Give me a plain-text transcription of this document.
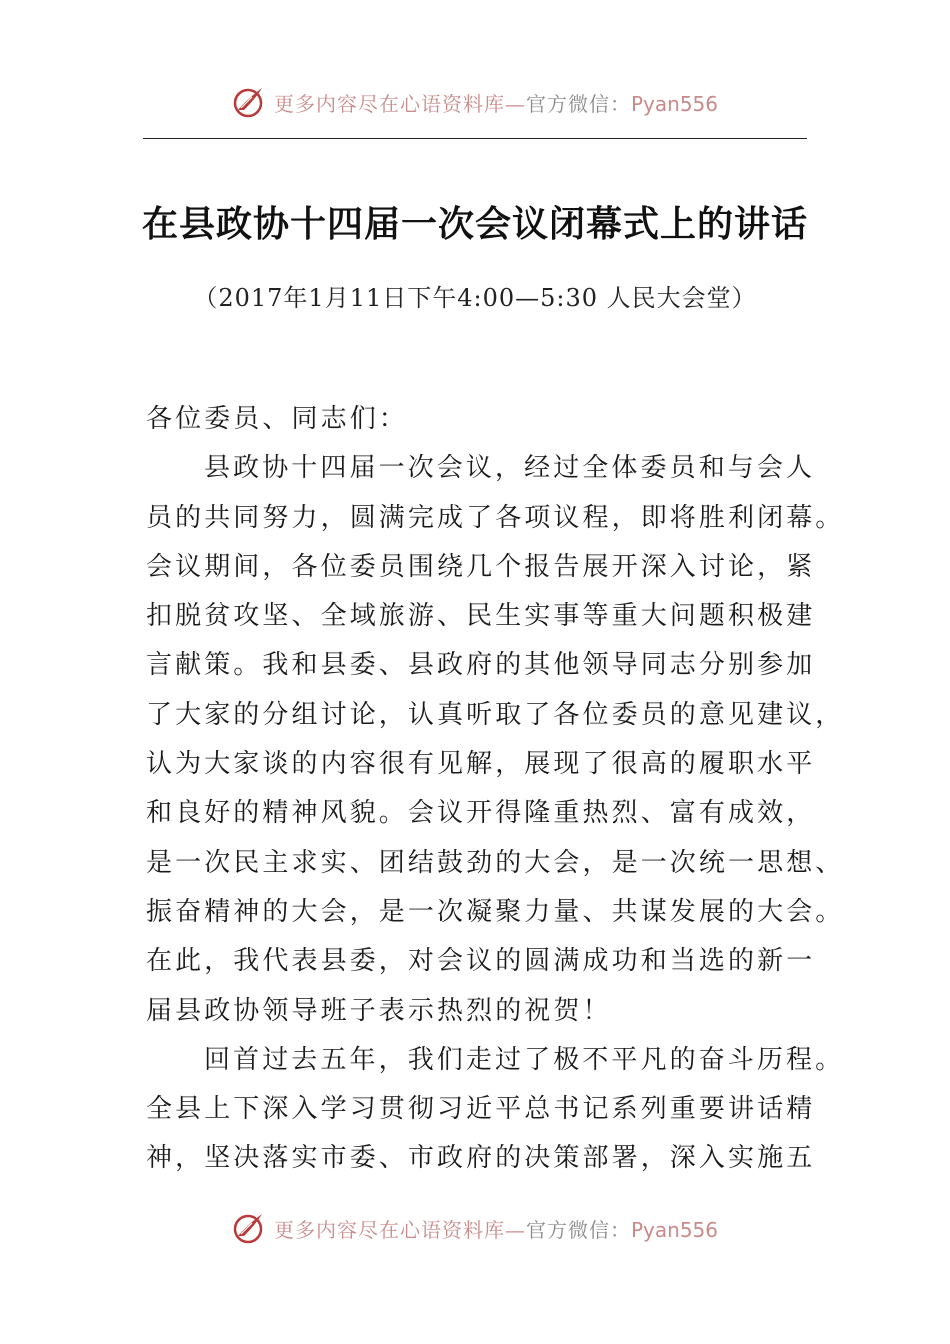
更多内容尽在心语资料库—官方微信：Pyan556
在县政协十四届一次会议闭幕式上的讲话
（2017年1月11日下午4:00—5:30 人民大会堂）
各位委员、同志们：
县政协十四届一次会议，经过全体委员和与会人
员的共同努力，圆满完成了各项议程，即将胜利闭幕。
会议期间，各位委员围绕几个报告展开深入讨论，紧
扣脱贫攻坚、全域旅游、民生实事等重大问题积极建
言献策。我和县委、县政府的其他领导同志分别参加
了大家的分组讨论，认真听取了各位委员的意见建议，
认为大家谈的内容很有见解，展现了很高的履职水平
和良好的精神风貌。会议开得隆重热烈、富有成效，
是一次民主求实、团结鼓劲的大会，是一次统一思想、
振奋精神的大会，是一次凝聚力量、共谋发展的大会。
在此，我代表县委，对会议的圆满成功和当选的新一
届县政协领导班子表示热烈的祝贺！
回首过去五年，我们走过了极不平凡的奋斗历程。
全县上下深入学习贯彻习近平总书记系列重要讲话精
神，坚决落实市委、市政府的决策部署，深入实施五
更多内容尽在心语资料库—官方微信：Pyan556
